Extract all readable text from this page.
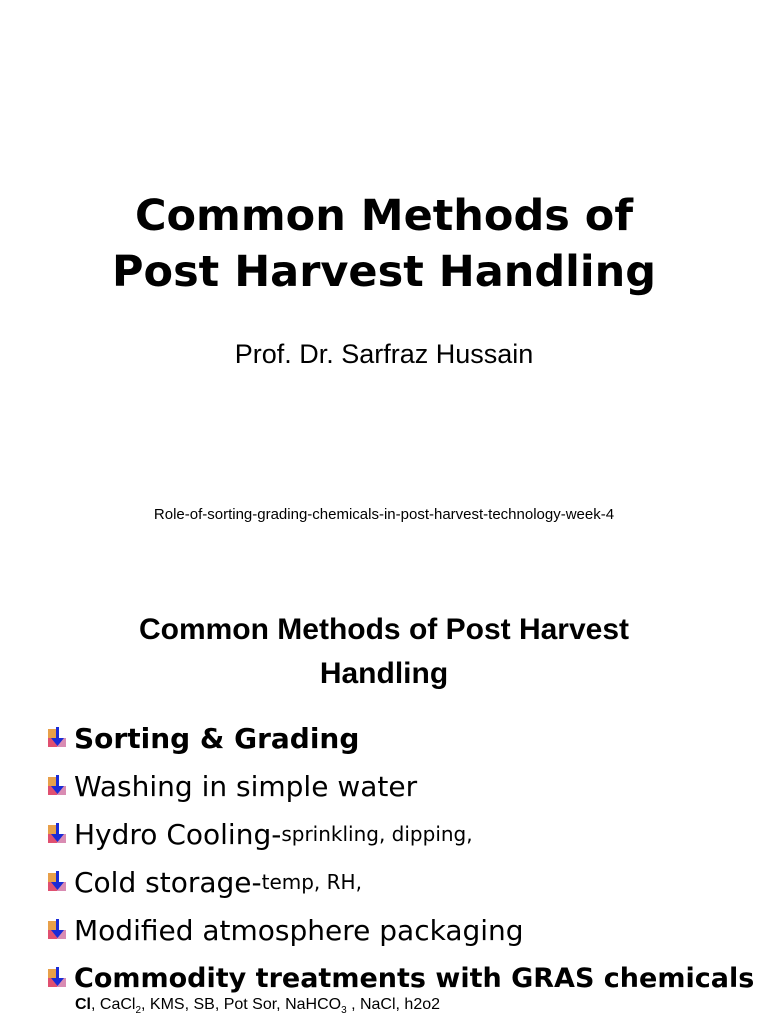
Common Methods of
Post Harvest Handling
Prof. Dr. Sarfraz Hussain
Role-of-sorting-grading-chemicals-in-post-harvest-technology-week-4
Common Methods of Post Harvest
Handling
Sorting & Grading
Washing in simple water
Hydro Cooling- sprinkling, dipping,
Cold storage- temp, RH,
Modified atmosphere packaging
Commodity treatments with GRAS chemicals
Cl, CaCl$_2$, KMS, SB, Pot Sor, NaHCO$_3$ , NaCl, h2o2
